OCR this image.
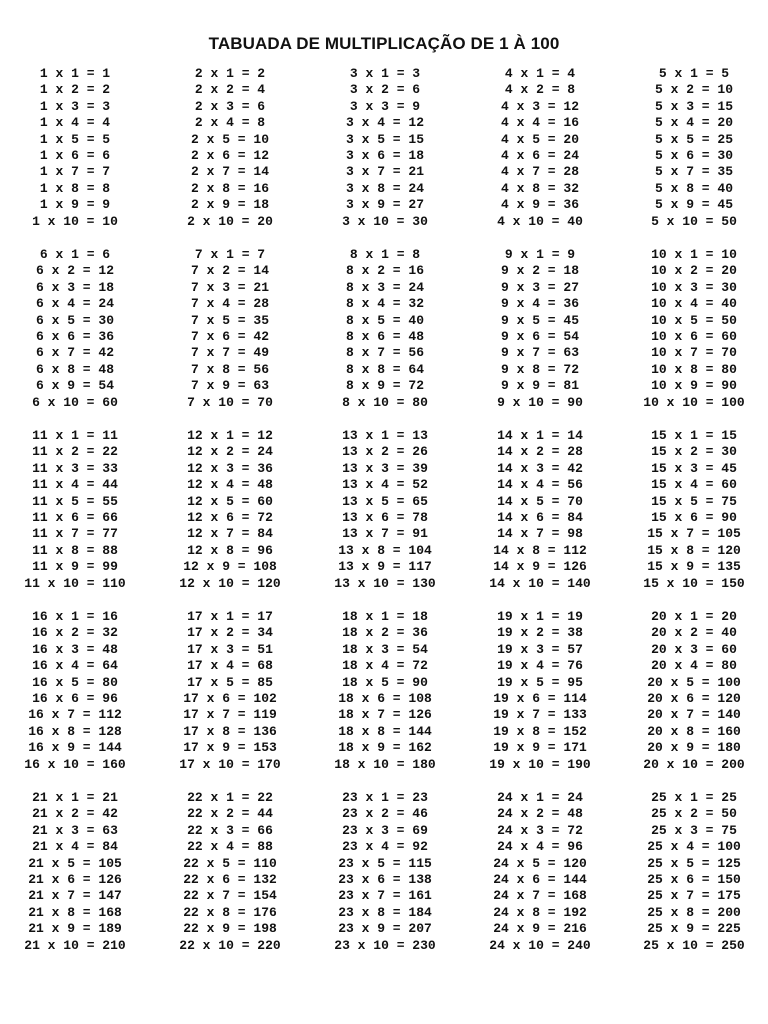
TABUADA DE MULTIPLICAÇÃO DE 1 À 100
1 x 1 = 1
1 x 2 = 2
1 x 3 = 3
1 x 4 = 4
1 x 5 = 5
1 x 6 = 6
1 x 7 = 7
1 x 8 = 8
1 x 9 = 9
1 x 10 = 10
2 x 1 = 2
2 x 2 = 4
2 x 3 = 6
2 x 4 = 8
2 x 5 = 10
2 x 6 = 12
2 x 7 = 14
2 x 8 = 16
2 x 9 = 18
2 x 10 = 20
3 x 1 = 3
3 x 2 = 6
3 x 3 = 9
3 x 4 = 12
3 x 5 = 15
3 x 6 = 18
3 x 7 = 21
3 x 8 = 24
3 x 9 = 27
3 x 10 = 30
4 x 1 = 4
4 x 2 = 8
4 x 3 = 12
4 x 4 = 16
4 x 5 = 20
4 x 6 = 24
4 x 7 = 28
4 x 8 = 32
4 x 9 = 36
4 x 10 = 40
5 x 1 = 5
5 x 2 = 10
5 x 3 = 15
5 x 4 = 20
5 x 5 = 25
5 x 6 = 30
5 x 7 = 35
5 x 8 = 40
5 x 9 = 45
5 x 10 = 50
6 x 1 = 6
6 x 2 = 12
6 x 3 = 18
6 x 4 = 24
6 x 5 = 30
6 x 6 = 36
6 x 7 = 42
6 x 8 = 48
6 x 9 = 54
6 x 10 = 60
7 x 1 = 7
7 x 2 = 14
7 x 3 = 21
7 x 4 = 28
7 x 5 = 35
7 x 6 = 42
7 x 7 = 49
7 x 8 = 56
7 x 9 = 63
7 x 10 = 70
8 x 1 = 8
8 x 2 = 16
8 x 3 = 24
8 x 4 = 32
8 x 5 = 40
8 x 6 = 48
8 x 7 = 56
8 x 8 = 64
8 x 9 = 72
8 x 10 = 80
9 x 1 = 9
9 x 2 = 18
9 x 3 = 27
9 x 4 = 36
9 x 5 = 45
9 x 6 = 54
9 x 7 = 63
9 x 8 = 72
9 x 9 = 81
9 x 10 = 90
10 x 1 = 10
10 x 2 = 20
10 x 3 = 30
10 x 4 = 40
10 x 5 = 50
10 x 6 = 60
10 x 7 = 70
10 x 8 = 80
10 x 9 = 90
10 x 10 = 100
11 x 1 = 11
11 x 2 = 22
11 x 3 = 33
11 x 4 = 44
11 x 5 = 55
11 x 6 = 66
11 x 7 = 77
11 x 8 = 88
11 x 9 = 99
11 x 10 = 110
12 x 1 = 12
12 x 2 = 24
12 x 3 = 36
12 x 4 = 48
12 x 5 = 60
12 x 6 = 72
12 x 7 = 84
12 x 8 = 96
12 x 9 = 108
12 x 10 = 120
13 x 1 = 13
13 x 2 = 26
13 x 3 = 39
13 x 4 = 52
13 x 5 = 65
13 x 6 = 78
13 x 7 = 91
13 x 8 = 104
13 x 9 = 117
13 x 10 = 130
14 x 1 = 14
14 x 2 = 28
14 x 3 = 42
14 x 4 = 56
14 x 5 = 70
14 x 6 = 84
14 x 7 = 98
14 x 8 = 112
14 x 9 = 126
14 x 10 = 140
15 x 1 = 15
15 x 2 = 30
15 x 3 = 45
15 x 4 = 60
15 x 5 = 75
15 x 6 = 90
15 x 7 = 105
15 x 8 = 120
15 x 9 = 135
15 x 10 = 150
16 x 1 = 16
16 x 2 = 32
16 x 3 = 48
16 x 4 = 64
16 x 5 = 80
16 x 6 = 96
16 x 7 = 112
16 x 8 = 128
16 x 9 = 144
16 x 10 = 160
17 x 1 = 17
17 x 2 = 34
17 x 3 = 51
17 x 4 = 68
17 x 5 = 85
17 x 6 = 102
17 x 7 = 119
17 x 8 = 136
17 x 9 = 153
17 x 10 = 170
18 x 1 = 18
18 x 2 = 36
18 x 3 = 54
18 x 4 = 72
18 x 5 = 90
18 x 6 = 108
18 x 7 = 126
18 x 8 = 144
18 x 9 = 162
18 x 10 = 180
19 x 1 = 19
19 x 2 = 38
19 x 3 = 57
19 x 4 = 76
19 x 5 = 95
19 x 6 = 114
19 x 7 = 133
19 x 8 = 152
19 x 9 = 171
19 x 10 = 190
20 x 1 = 20
20 x 2 = 40
20 x 3 = 60
20 x 4 = 80
20 x 5 = 100
20 x 6 = 120
20 x 7 = 140
20 x 8 = 160
20 x 9 = 180
20 x 10 = 200
21 x 1 = 21
21 x 2 = 42
21 x 3 = 63
21 x 4 = 84
21 x 5 = 105
21 x 6 = 126
21 x 7 = 147
21 x 8 = 168
21 x 9 = 189
21 x 10 = 210
22 x 1 = 22
22 x 2 = 44
22 x 3 = 66
22 x 4 = 88
22 x 5 = 110
22 x 6 = 132
22 x 7 = 154
22 x 8 = 176
22 x 9 = 198
22 x 10 = 220
23 x 1 = 23
23 x 2 = 46
23 x 3 = 69
23 x 4 = 92
23 x 5 = 115
23 x 6 = 138
23 x 7 = 161
23 x 8 = 184
23 x 9 = 207
23 x 10 = 230
24 x 1 = 24
24 x 2 = 48
24 x 3 = 72
24 x 4 = 96
24 x 5 = 120
24 x 6 = 144
24 x 7 = 168
24 x 8 = 192
24 x 9 = 216
24 x 10 = 240
25 x 1 = 25
25 x 2 = 50
25 x 3 = 75
25 x 4 = 100
25 x 5 = 125
25 x 6 = 150
25 x 7 = 175
25 x 8 = 200
25 x 9 = 225
25 x 10 = 250
